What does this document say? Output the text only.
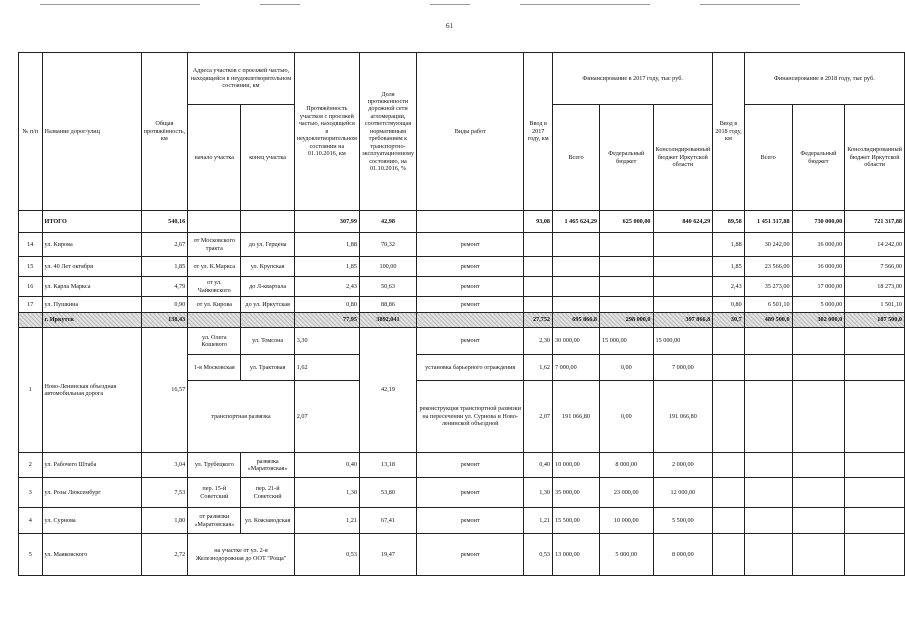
61
№ п/п	Название дорог/улиц	Общая протяжённость, км	Адреса участков с проезжей частью, находящейся в неудовлетворительном состоянии, км		Протяжённость участков с проезжей частью, находящейся в неудовлетворительном состоянии на 01.10.2016, км	Доля протяженности дорожной сети агломерации, соответствующая нормативным требованиям к транспортно-эксплуатационному состоянию, на 01.10.2016, %	Виды работ	Ввод в 2017 году, км	Финансирование в 2017 году, тыс руб.			Ввод в 2018 году, км	Финансирование в 2018 году, тыс руб.		
			начало участка	конец участка					Всего	Федеральный бюджет	Консолидированный бюджет Иркутской области		Всего	Федеральный бюджет	Консолидированный бюджет Иркутской области
	ИТОГО	540,16			307,99	42,98		93,08	1 465 624,29	625 000,00	840 624,29	89,58	1 451 317,88	730 000,00	721 317,88
14	ул. Кирова	2,67	от Московского тракта	до ул. Герцена	1,88	70,32	ремонт					1,88	30 242,00	16 000,00	14 242,00
15	ул. 40 Лет октября	1,85	от ул. К.Маркса	ул. Крупская	1,85	100,00	ремонт					1,85	23 566,00	16 000,00	7 566,00
16	ул. Карла Маркса	4,79	от ул. Чайковского	до Л-квартала	2,43	50,63	ремонт					2,43	35 273,00	17 000,00	18 273,00
17	ул. Пушкина	0,90	от ул. Кирова	до ул. Иркутская	0,80	88,86	ремонт					0,80	6 501,10	5 000,00	1 501,10
	г. Иркутск	138,43			77,95	3892,041		27,752	695 866,8	298 000,0	397 866,8	30,7	489 500,0	302 000,0	187 500,0
1	Ново-Ленинская объездная автомобильная дорога	16,57	ул. Олега Кошевого	ул. Томсона	3,30	42,19	ремонт	2,30	30 000,00	15 000,00	15 000,00				
			1-я Московская	ул. Трактовая	1,62		установка барьерного ограждения	1,62	7 000,00	0,00	7 000,00				
			транспортная развязка		2,07		реконструкция транспортной развязки на пересечении ул. Сурнова и Ново-ленинской объездной	2,07	191 066,80	0,00	191 066,80				
2	ул. Рабочего Штаба	3,04	ул. Трубецкого	развязка «Маратовская»	0,40	13,18	ремонт	0,40	10 000,00	8 000,00	2 000,00				
3	ул. Розы Люксембург	7,53	пер. 15-й Советский	пер. 21-й Советский	1,30	53,80	ремонт	1,30	35 000,00	23 000,00	12 000,00				
4	ул. Сурнова	1,80	от развязки «Маратовская»	ул. Кожзаводская	1,21	67,41	ремонт	1,21	15 500,00	10 000,00	5 500,00				
5	ул. Маяковского	2,72	на участке от ул. 2-я Железнодорожная до ООТ "Роща"		0,53	19,47	ремонт	0,53	13 000,00	5 000,00	8 000,00				
